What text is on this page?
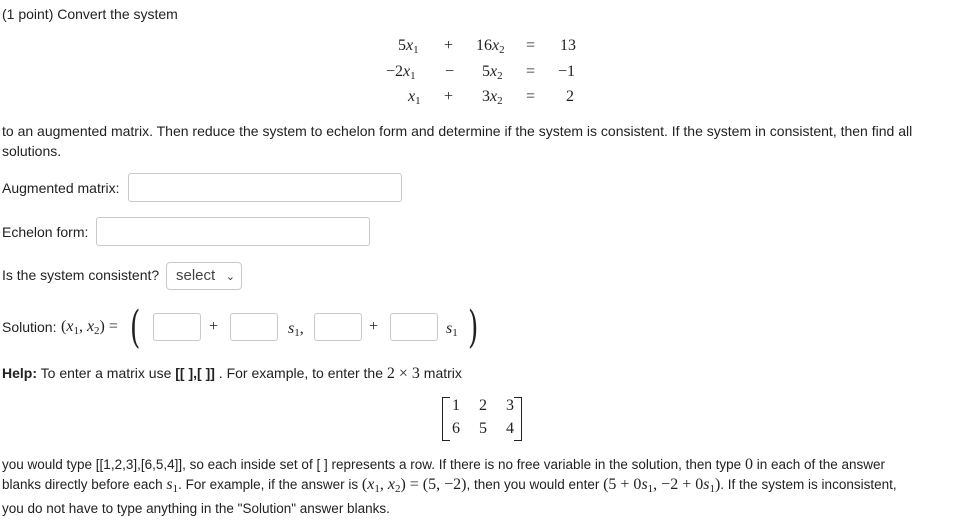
(1 point) Convert the system
$5x_1 + 16x_2 = 13$
$-2x_1 - 5x_2 = -1$
$x_1 + 3x_2 = 2$
to an augmented matrix. Then reduce the system to echelon form and determine if the system is consistent. If the system in consistent, then find all solutions.
Augmented matrix:
Echelon form:
Is the system consistent?	select ⌄
Solution: ($x_1$, $x_2$) = (	+	$s_1$,	+	$s_1$ )
Help: To enter a matrix use [[ ],[ ]] . For example, to enter the 2 × 3 matrix
1 2 3
6 5 4
you would type [[1,2,3],[6,5,4]], so each inside set of [ ] represents a row. If there is no free variable in the solution, then type 0 in each of the answer
blanks directly before each $s_1$. For example, if the answer is ($x_1$, $x_2) = (5$, −2), then you would enter ($5 + 0s_1$, $-2 + 0s_1$). If the system is inconsistent,
you do not have to type anything in the "Solution" answer blanks.
